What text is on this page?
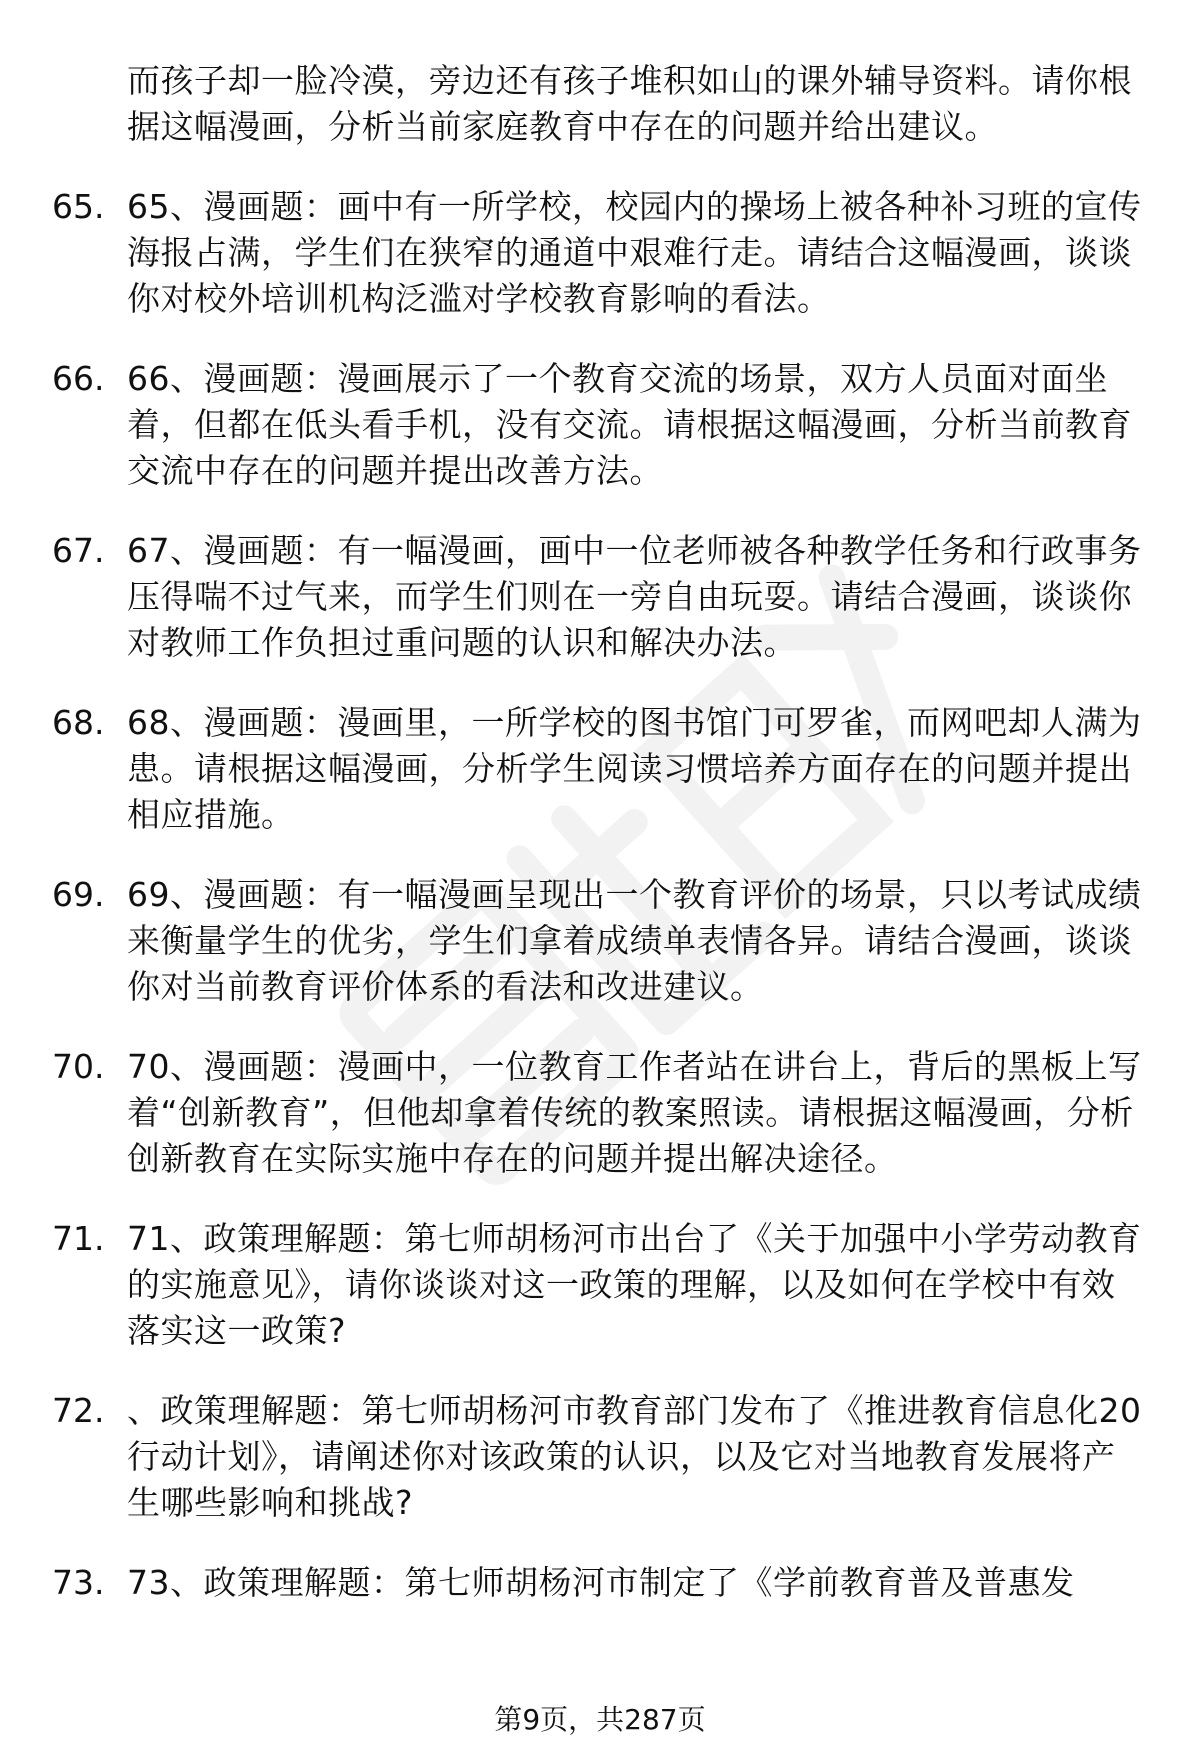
而孩子却一脸冷漠，旁边还有孩子堆积如山的课外辅导资料。请你根据这幅漫画，分析当前家庭教育中存在的问题并给出建议。
65. 65、漫画题：画中有一所学校，校园内的操场上被各种补习班的宣传海报占满，学生们在狭窄的通道中艰难行走。请结合这幅漫画，谈谈你对校外培训机构泛滥对学校教育影响的看法。
66. 66、漫画题：漫画展示了一个教育交流的场景，双方人员面对面坐着，但都在低头看手机，没有交流。请根据这幅漫画，分析当前教育交流中存在的问题并提出改善方法。
67. 67、漫画题：有一幅漫画，画中一位老师被各种教学任务和行政事务压得喘不过气来，而学生们则在一旁自由玩耍。请结合漫画，谈谈你对教师工作负担过重问题的认识和解决办法。
68. 68、漫画题：漫画里，一所学校的图书馆门可罗雀，而网吧却人满为患。请根据这幅漫画，分析学生阅读习惯培养方面存在的问题并提出相应措施。
69. 69、漫画题：有一幅漫画呈现出一个教育评价的场景，只以考试成绩来衡量学生的优劣，学生们拿着成绩单表情各异。请结合漫画，谈谈你对当前教育评价体系的看法和改进建议。
70. 70、漫画题：漫画中，一位教育工作者站在讲台上，背后的黑板上写着“创新教育”，但他却拿着传统的教案照读。请根据这幅漫画，分析创新教育在实际实施中存在的问题并提出解决途径。
71. 71、政策理解题：第七师胡杨河市出台了《关于加强中小学劳动教育的实施意见》，请你谈谈对这一政策的理解，以及如何在学校中有效落实这一政策?
72. 、政策理解题：第七师胡杨河市教育部门发布了《推进教育信息化20行动计划》，请阐述你对该政策的认识，以及它对当地教育发展将产生哪些影响和挑战?
73. 73、政策理解题：第七师胡杨河市制定了《学前教育普及普惠发
第9页，共287页
